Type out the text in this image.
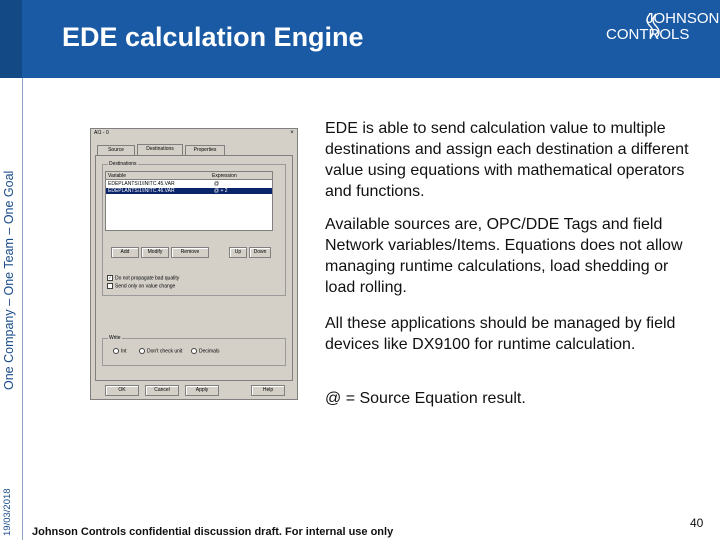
EDE calculation Engine
JOHNSON
CONTROLS
One Company – One Team – One Goal
19/03/2018
AI1 - 0	×
Source	Destinations	Properties
Destinations
Write
Variable	Expression
EDEPLANTS\1\INITC.45.VAR	@
EDEPLANTS\1\INITC.46.VAR	@ + 2
Add	Modify	Remove	Up	Down
✓ Do not propagate bad quality
Send only on value change
Int	Don't check unit	Decimals
OK	Cancel	Apply	Help
EDE is able to send calculation value to multiple destinations and assign each destination a different value using equations with mathematical operators and functions.
Available sources are, OPC/DDE Tags and field Network variables/Items. Equations does not allow managing runtime calculations, load shedding or load rolling.
All these applications should be managed by field devices like DX9100 for runtime calculation.
@ = Source Equation result.
Johnson Controls confidential discussion draft. For internal use only
40
